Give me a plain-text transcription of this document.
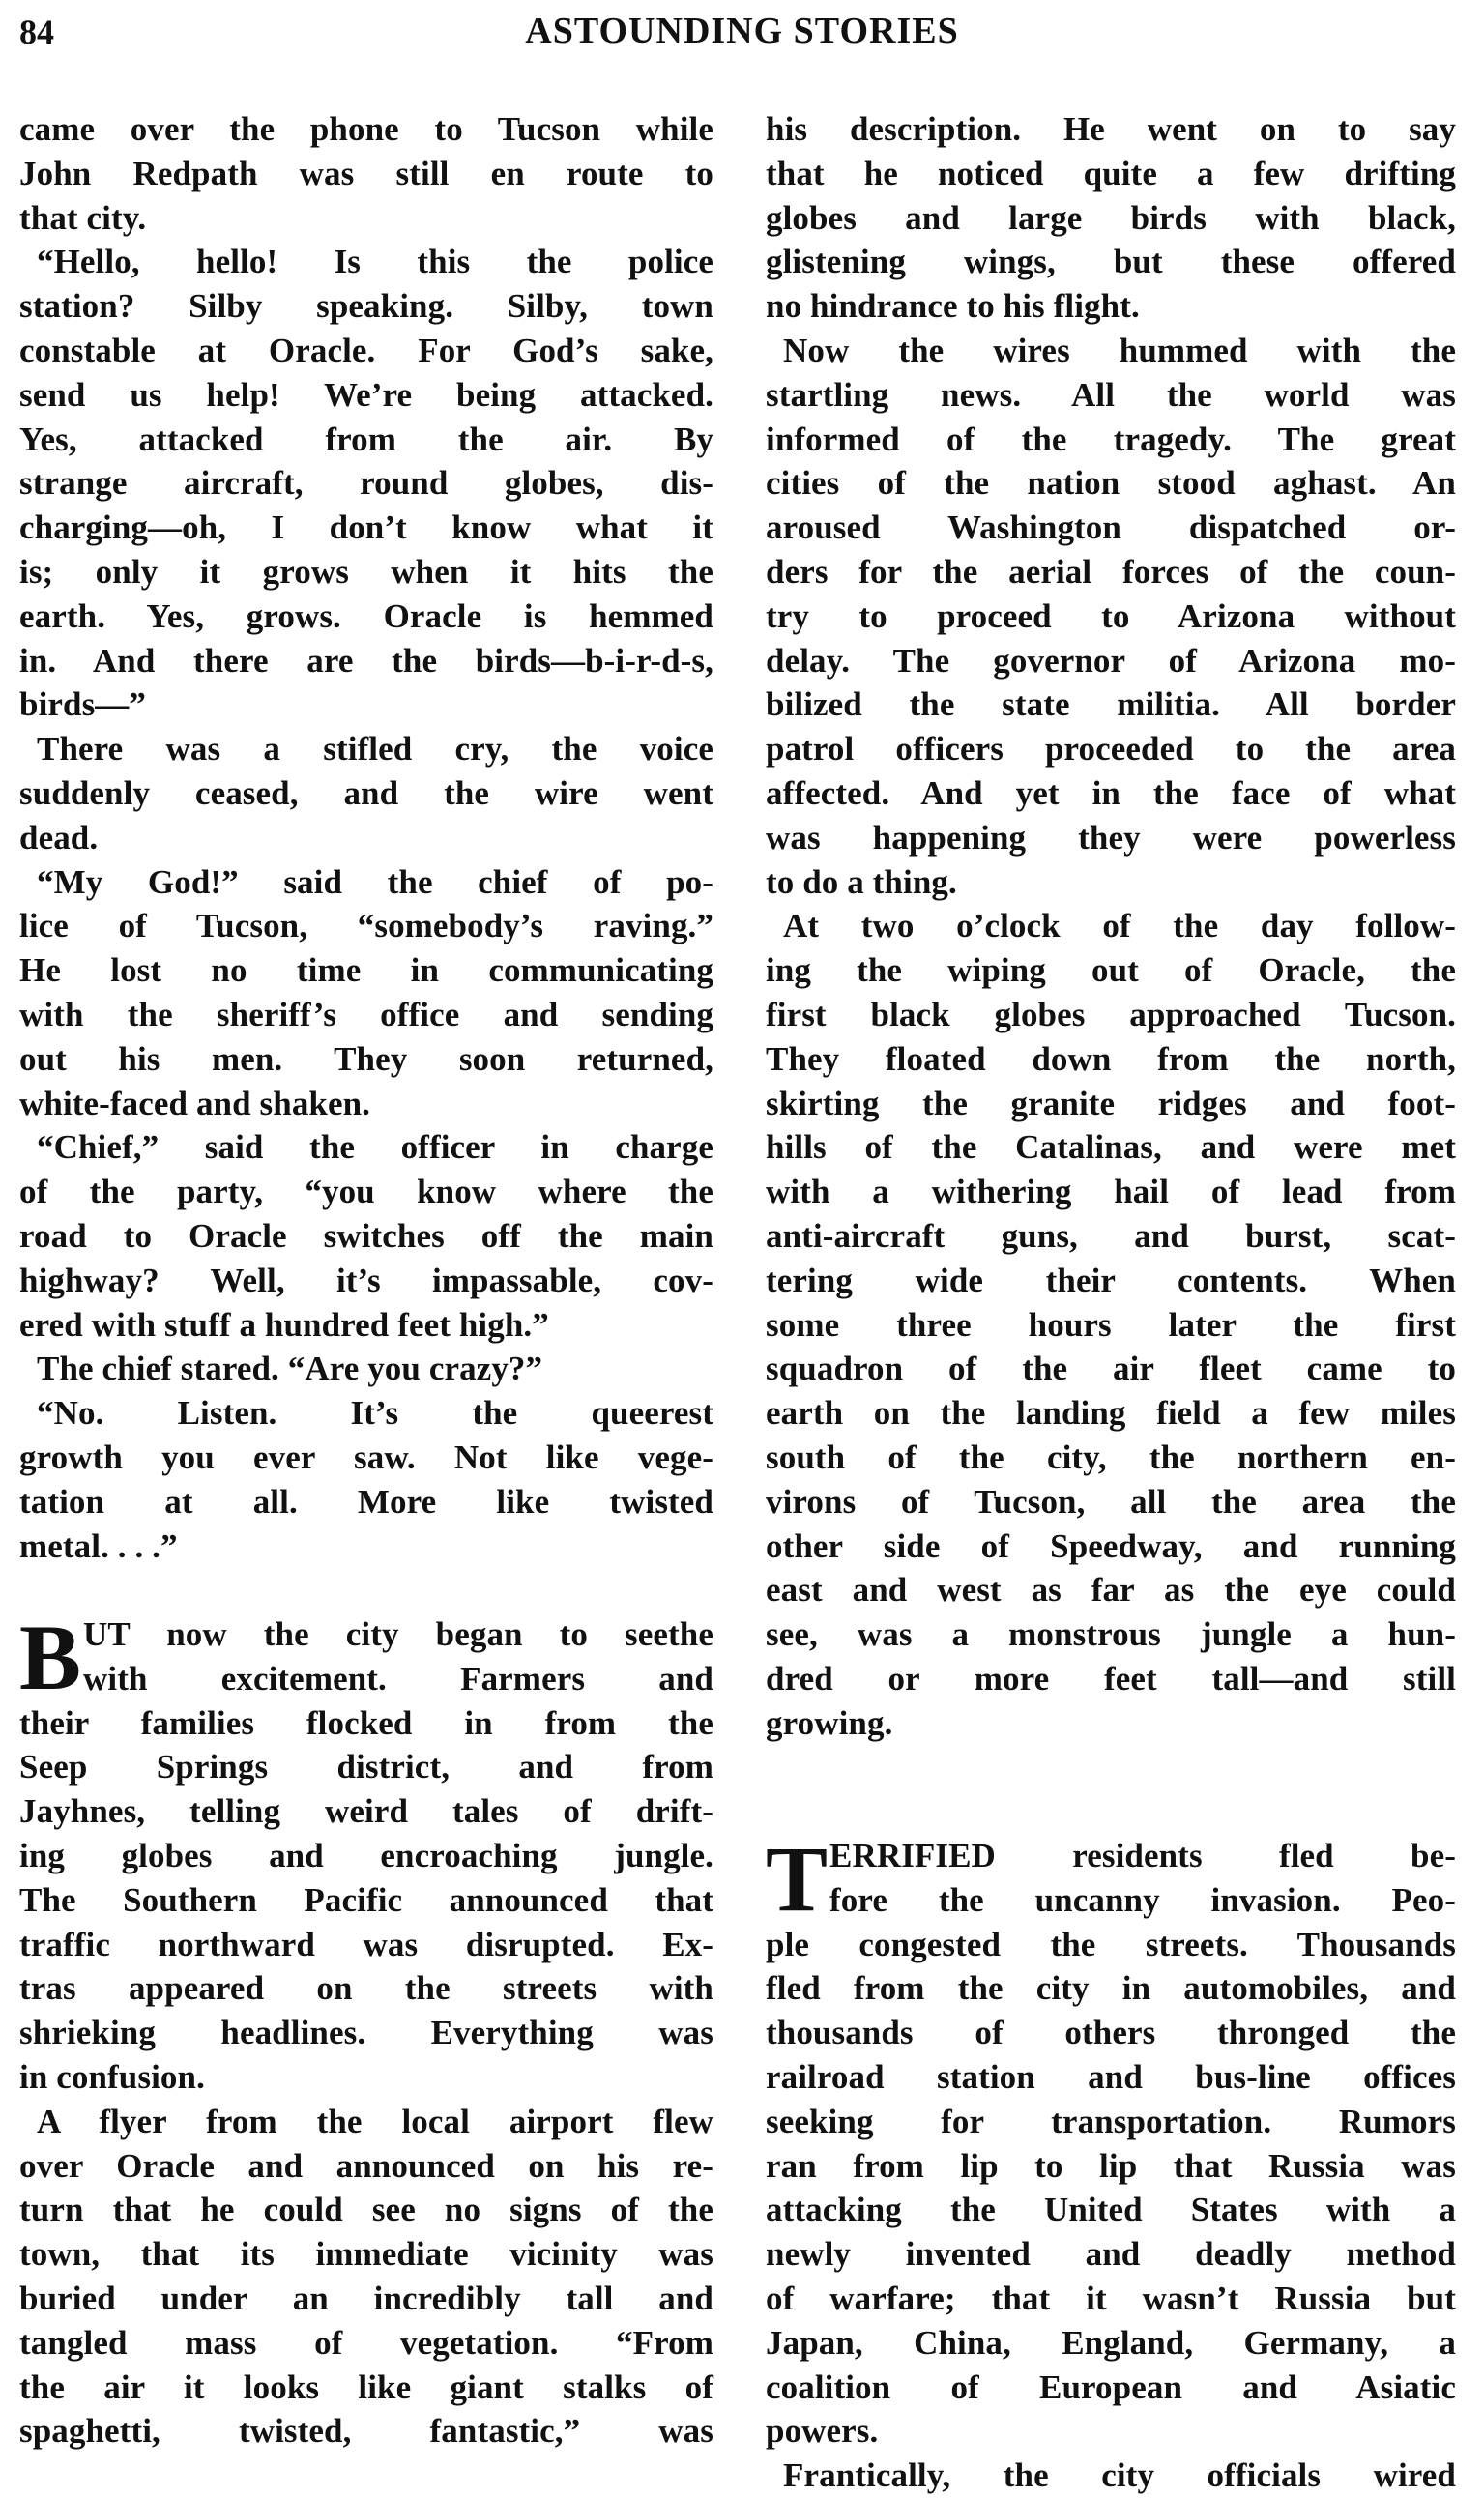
84	ASTOUNDING STORIES
came over the phone to Tucson while
John Redpath was still en route to
that city.
“Hello, hello! Is this the police
station? Silby speaking. Silby, town
constable at Oracle. For God’s sake,
send us help! We’re being attacked.
Yes, attacked from the air. By
strange aircraft, round globes, dis-
charging—oh, I don’t know what it
is; only it grows when it hits the
earth. Yes, grows. Oracle is hemmed
in. And there are the birds—b-i-r-d-s,
birds—”
There was a stifled cry, the voice
suddenly ceased, and the wire went
dead.
“My God!” said the chief of po-
lice of Tucson, “somebody’s raving.”
He lost no time in communicating
with the sheriff’s office and sending
out his men. They soon returned,
white-faced and shaken.
“Chief,” said the officer in charge
of the party, “you know where the
road to Oracle switches off the main
highway? Well, it’s impassable, cov-
ered with stuff a hundred feet high.”
The chief stared. “Are you crazy?”
“No. Listen. It’s the queerest
growth you ever saw. Not like vege-
tation at all. More like twisted
metal. . . .”
B UT now the city began to seethe
with excitement. Farmers and
their families flocked in from the
Seep Springs district, and from
Jayhnes, telling weird tales of drift-
ing globes and encroaching jungle.
The Southern Pacific announced that
traffic northward was disrupted. Ex-
tras appeared on the streets with
shrieking headlines. Everything was
in confusion.
A flyer from the local airport flew
over Oracle and announced on his re-
turn that he could see no signs of the
town, that its immediate vicinity was
buried under an incredibly tall and
tangled mass of vegetation. “From
the air it looks like giant stalks of
spaghetti, twisted, fantastic,” was
his description. He went on to say
that he noticed quite a few drifting
globes and large birds with black,
glistening wings, but these offered
no hindrance to his flight.
Now the wires hummed with the
startling news. All the world was
informed of the tragedy. The great
cities of the nation stood aghast. An
aroused Washington dispatched or-
ders for the aerial forces of the coun-
try to proceed to Arizona without
delay. The governor of Arizona mo-
bilized the state militia. All border
patrol officers proceeded to the area
affected. And yet in the face of what
was happening they were powerless
to do a thing.
At two o’clock of the day follow-
ing the wiping out of Oracle, the
first black globes approached Tucson.
They floated down from the north,
skirting the granite ridges and foot-
hills of the Catalinas, and were met
with a withering hail of lead from
anti-aircraft guns, and burst, scat-
tering wide their contents. When
some three hours later the first
squadron of the air fleet came to
earth on the landing field a few miles
south of the city, the northern en-
virons of Tucson, all the area the
other side of Speedway, and running
east and west as far as the eye could
see, was a monstrous jungle a hun-
dred or more feet tall—and still
growing.
T ERRIFIED residents fled be-
fore the uncanny invasion. Peo-
ple congested the streets. Thousands
fled from the city in automobiles, and
thousands of others thronged the
railroad station and bus-line offices
seeking for transportation. Rumors
ran from lip to lip that Russia was
attacking the United States with a
newly invented and deadly method
of warfare; that it wasn’t Russia but
Japan, China, England, Germany, a
coalition of European and Asiatic
powers.
Frantically, the city officials wired
